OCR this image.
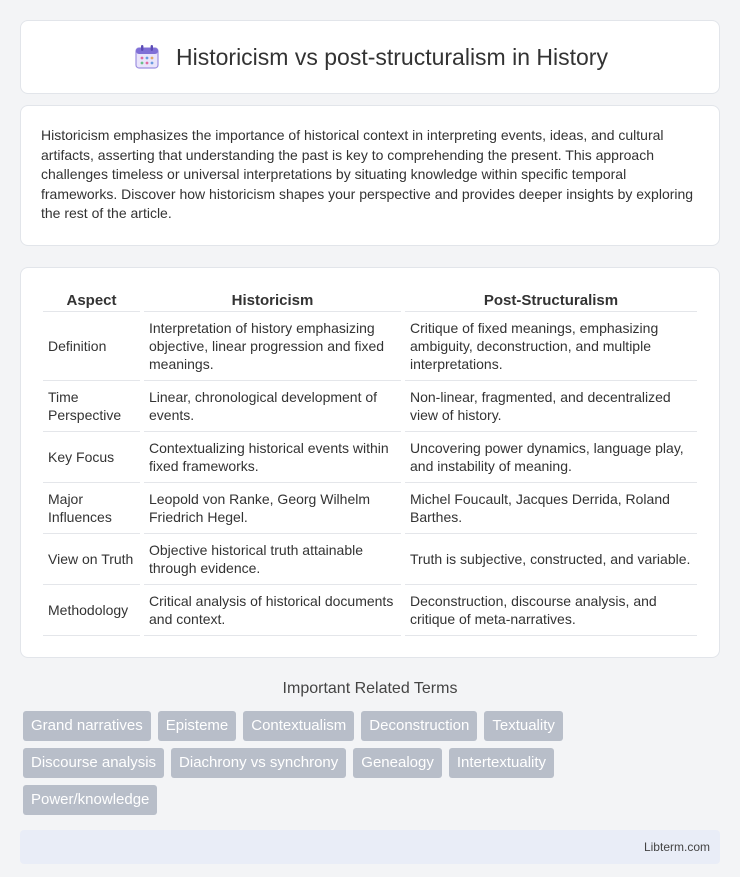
Historicism vs post-structuralism in History

Historicism emphasizes the importance of historical context in interpreting events, ideas, and cultural artifacts, asserting that understanding the past is key to comprehending the present. This approach challenges timeless or universal interpretations by situating knowledge within specific temporal frameworks. Discover how historicism shapes your perspective and provides deeper insights by exploring the rest of the article.

Aspect	Historicism	Post-Structuralism
Definition	Interpretation of history emphasizing objective, linear progression and fixed meanings.	Critique of fixed meanings, emphasizing ambiguity, deconstruction, and multiple interpretations.
Time Perspective	Linear, chronological development of events.	Non-linear, fragmented, and decentralized view of history.
Key Focus	Contextualizing historical events within fixed frameworks.	Uncovering power dynamics, language play, and instability of meaning.
Major Influences	Leopold von Ranke, Georg Wilhelm Friedrich Hegel.	Michel Foucault, Jacques Derrida, Roland Barthes.
View on Truth	Objective historical truth attainable through evidence.	Truth is subjective, constructed, and variable.
Methodology	Critical analysis of historical documents and context.	Deconstruction, discourse analysis, and critique of meta-narratives.
Important Related Terms
Grand narratives	Episteme	Contextualism	Deconstruction	Textuality
Discourse analysis	Diachrony vs synchrony	Genealogy	Intertextuality
Power/knowledge
Libterm.com
